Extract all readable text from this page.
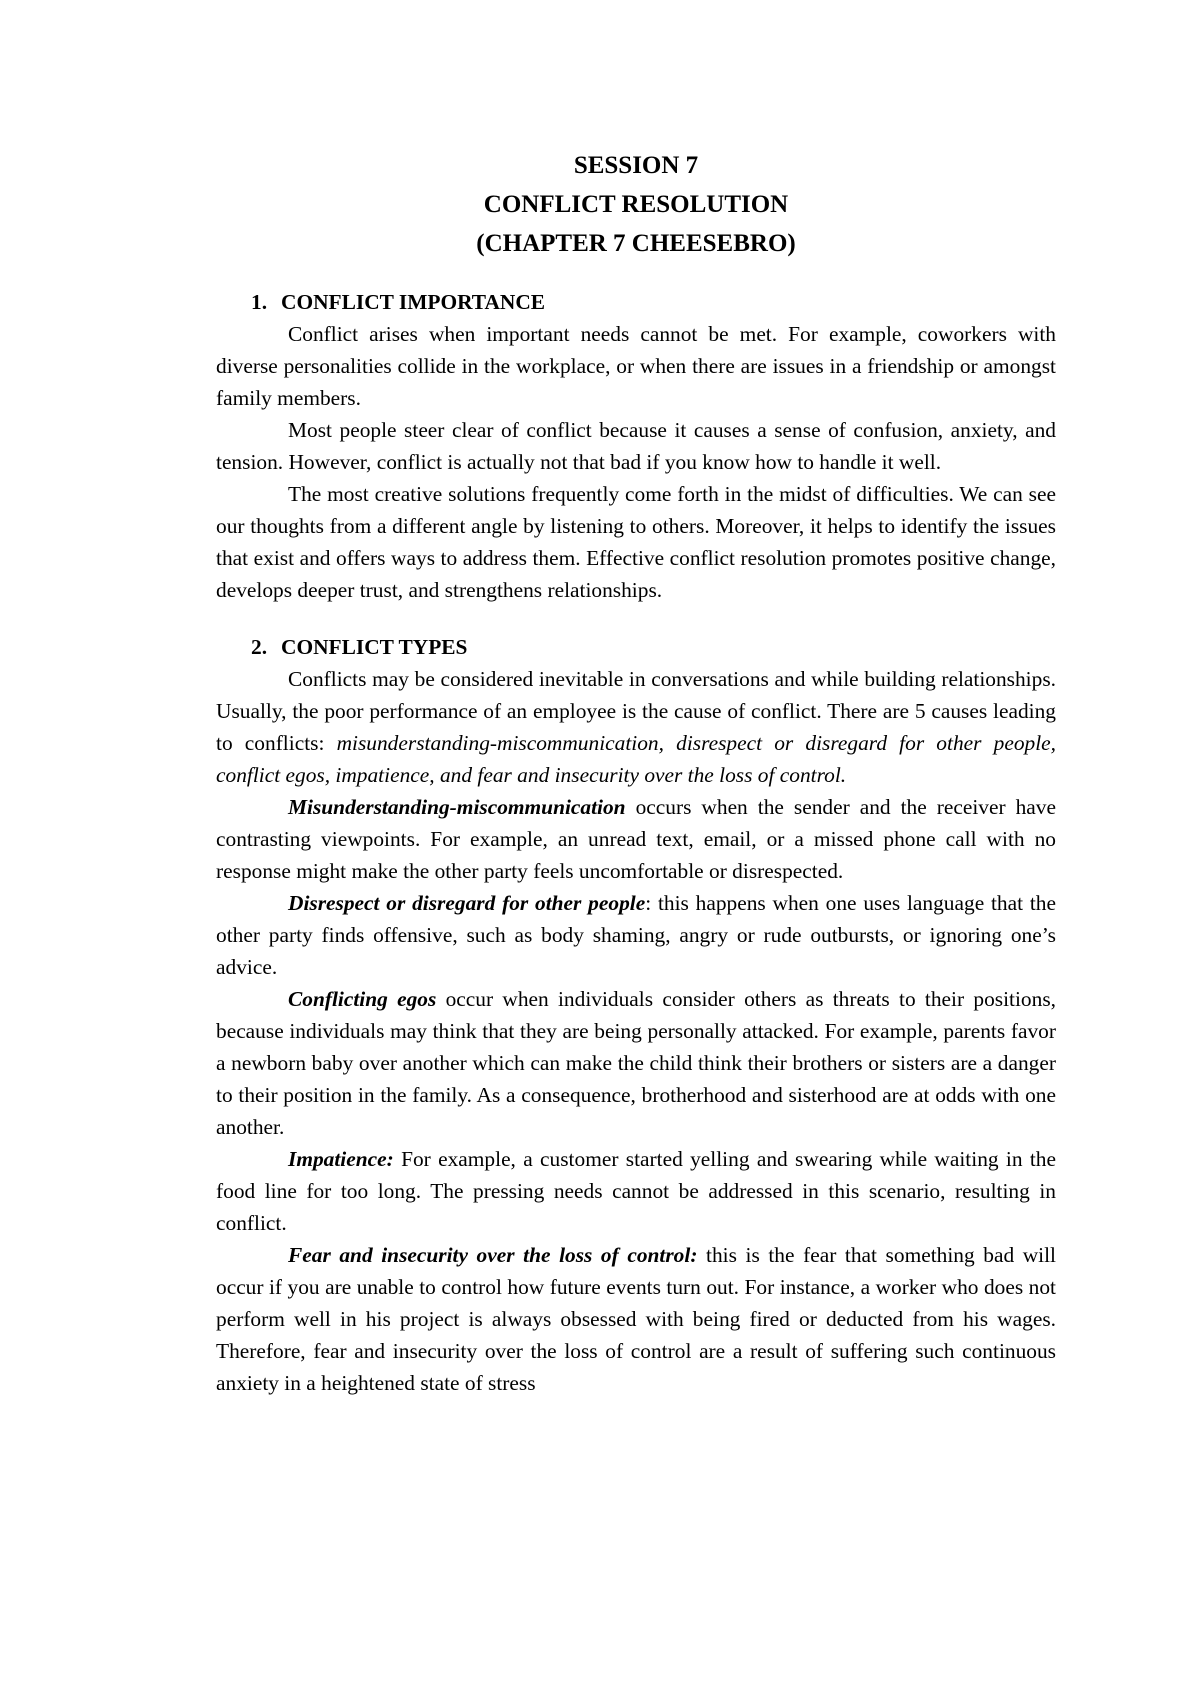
SESSION 7
CONFLICT RESOLUTION
(CHAPTER 7 CHEESEBRO)
1. CONFLICT IMPORTANCE

Conflict arises when important needs cannot be met. For example, coworkers with diverse personalities collide in the workplace, or when there are issues in a friendship or amongst family members.

Most people steer clear of conflict because it causes a sense of confusion, anxiety, and tension. However, conflict is actually not that bad if you know how to handle it well.

The most creative solutions frequently come forth in the midst of difficulties. We can see our thoughts from a different angle by listening to others. Moreover, it helps to identify the issues that exist and offers ways to address them. Effective conflict resolution promotes positive change, develops deeper trust, and strengthens relationships.

2. CONFLICT TYPES

Conflicts may be considered inevitable in conversations and while building relationships. Usually, the poor performance of an employee is the cause of conflict. There are 5 causes leading to conflicts: misunderstanding-miscommunication, disrespect or disregard for other people, conflict egos, impatience, and fear and insecurity over the loss of control.

Misunderstanding-miscommunication occurs when the sender and the receiver have contrasting viewpoints. For example, an unread text, email, or a missed phone call with no response might make the other party feels uncomfortable or disrespected.

Disrespect or disregard for other people: this happens when one uses language that the other party finds offensive, such as body shaming, angry or rude outbursts, or ignoring one’s advice.

Conflicting egos occur when individuals consider others as threats to their positions, because individuals may think that they are being personally attacked. For example, parents favor a newborn baby over another which can make the child think their brothers or sisters are a danger to their position in the family. As a consequence, brotherhood and sisterhood are at odds with one another.

Impatience: For example, a customer started yelling and swearing while waiting in the food line for too long. The pressing needs cannot be addressed in this scenario, resulting in conflict.

Fear and insecurity over the loss of control: this is the fear that something bad will occur if you are unable to control how future events turn out. For instance, a worker who does not perform well in his project is always obsessed with being fired or deducted from his wages. Therefore, fear and insecurity over the loss of control are a result of suffering such continuous anxiety in a heightened state of stress
